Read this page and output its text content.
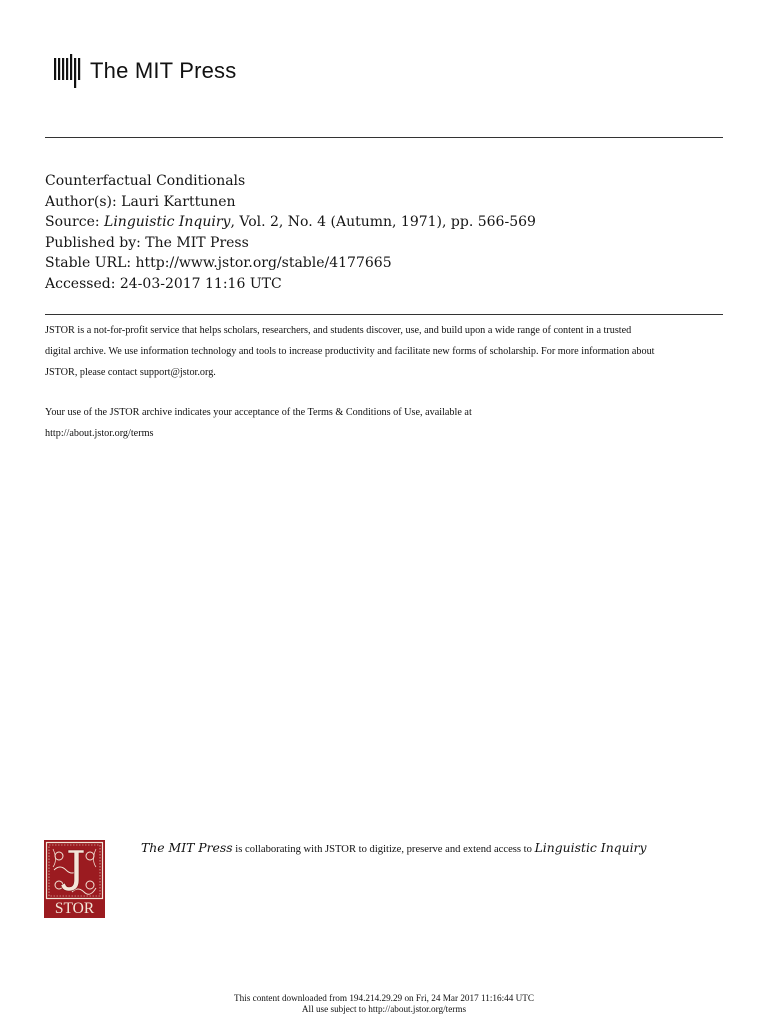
The MIT Press
Counterfactual Conditionals
Author(s): Lauri Karttunen
Source: Linguistic Inquiry, Vol. 2, No. 4 (Autumn, 1971), pp. 566-569
Published by: The MIT Press
Stable URL: http://www.jstor.org/stable/4177665
Accessed: 24-03-2017 11:16 UTC
JSTOR is a not-for-profit service that helps scholars, researchers, and students discover, use, and build upon a wide range of content in a trusted
digital archive. We use information technology and tools to increase productivity and facilitate new forms of scholarship. For more information about
JSTOR, please contact support@jstor.org.
Your use of the JSTOR archive indicates your acceptance of the Terms & Conditions of Use, available at
http://about.jstor.org/terms
STOR
The MIT Press is collaborating with JSTOR to digitize, preserve and extend access to Linguistic Inquiry
This content downloaded from 194.214.29.29 on Fri, 24 Mar 2017 11:16:44 UTC
All use subject to http://about.jstor.org/terms
